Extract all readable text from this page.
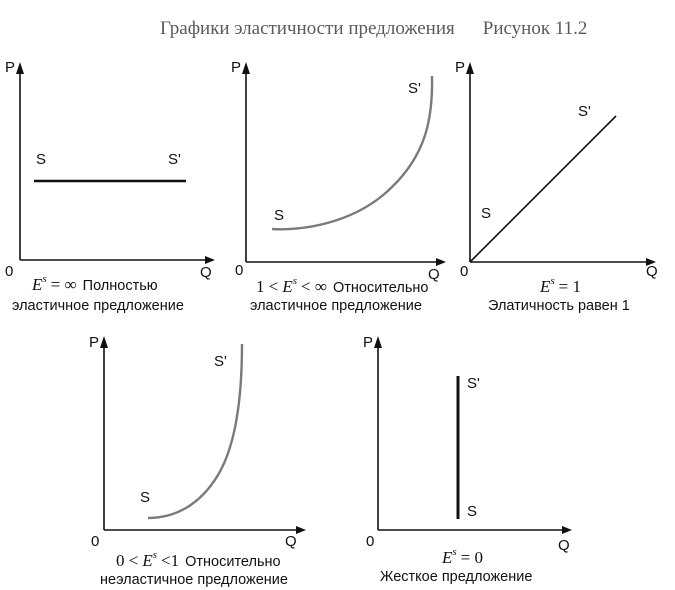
Графики эластичности предложения Рисунок 11.2
P
Q
0
S	S'
$E^s$ = ∞ Полностью
эластичное предложение
P
Q
0
S
S'
$1 < E^s$ < ∞ Относительно
эластичное предложение
P
Q
0
S
S'
$E^s = 1$
Элатичность равен 1
P
Q
0
S
S'
$0 < E^s <1$ Относительно
неэластичное предложение
P
Q
0
S
S'
$E^s = 0$
Жесткое предложение
